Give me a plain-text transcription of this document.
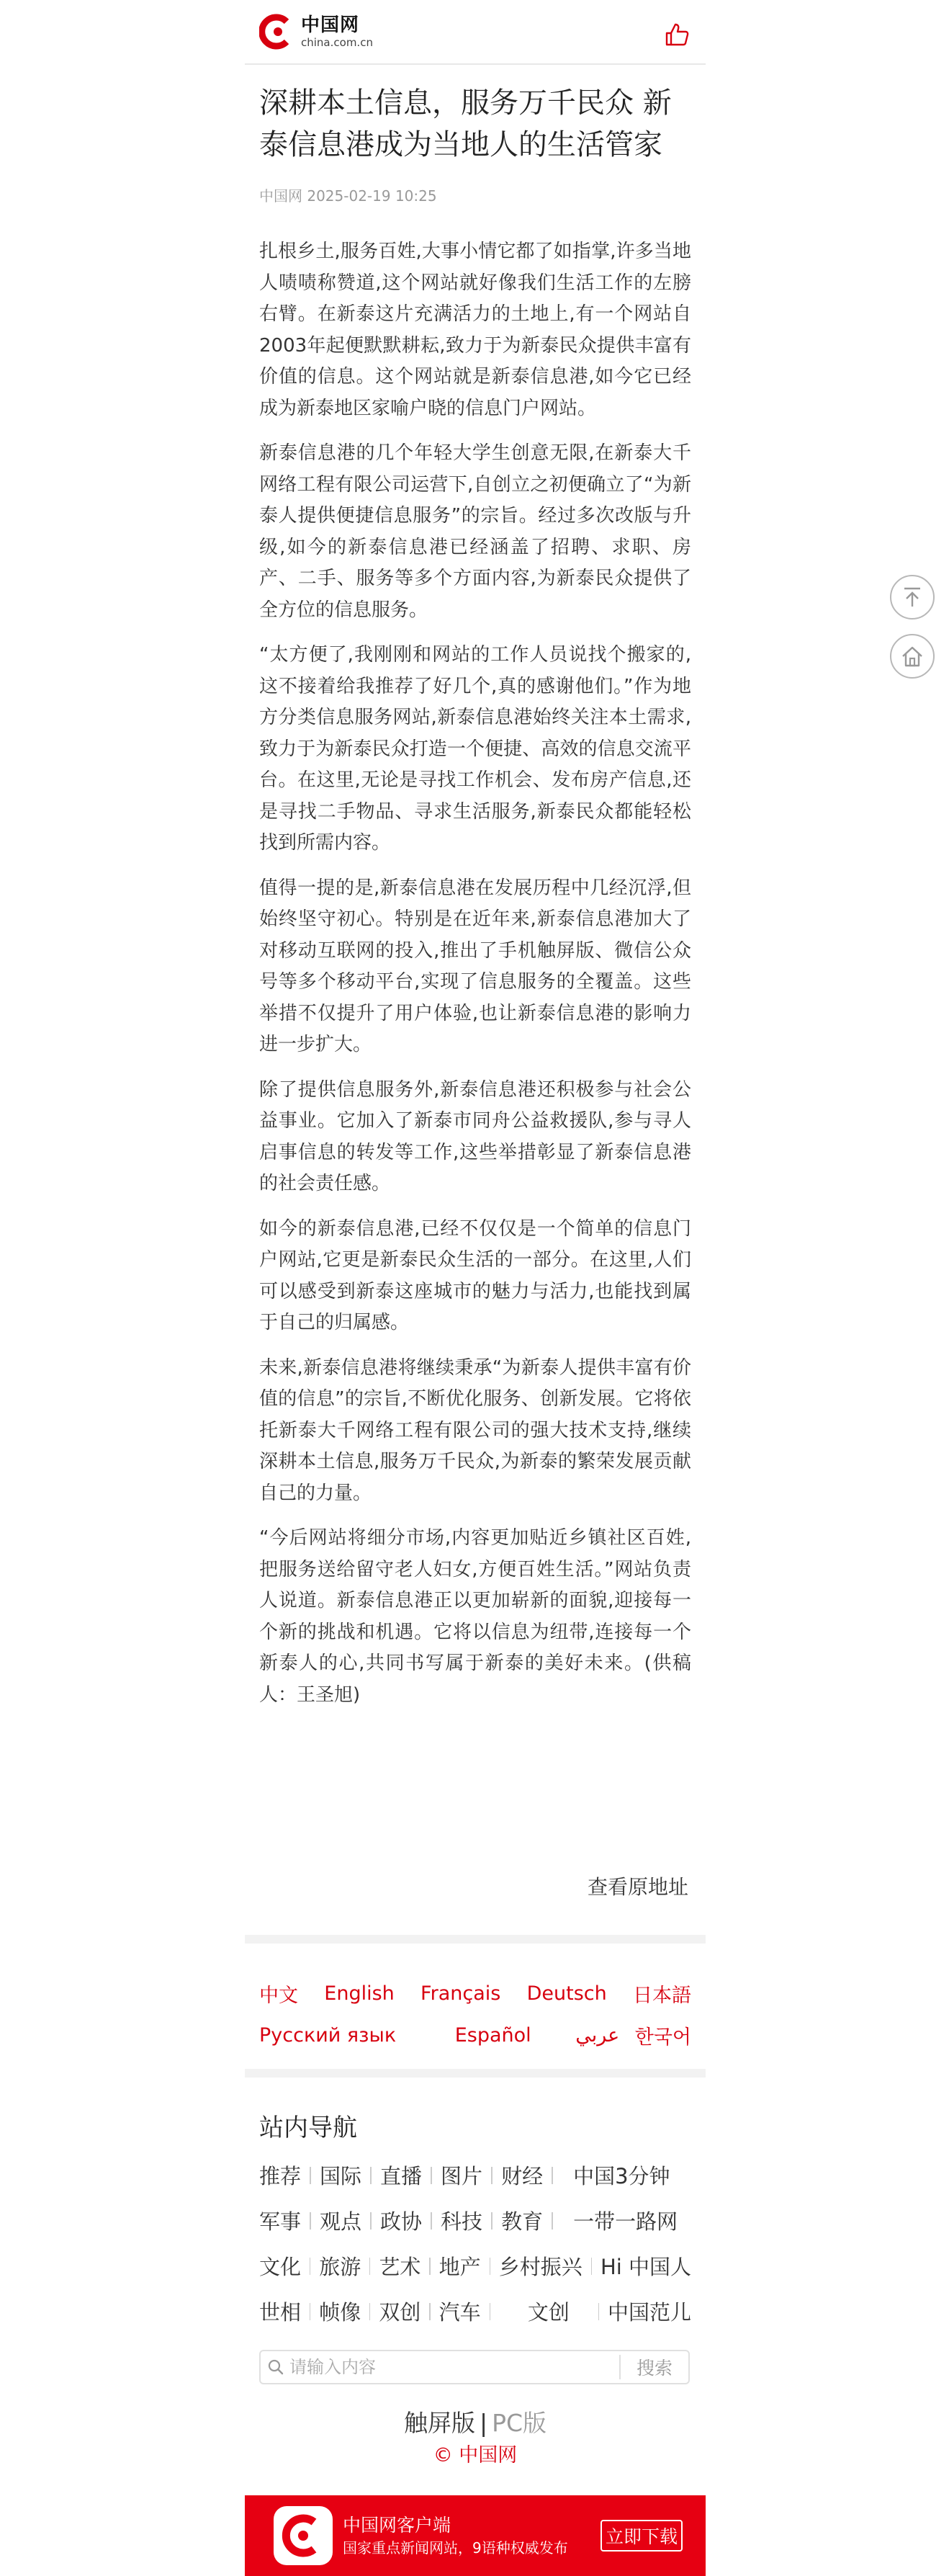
中国网
china.com.cn
深耕本土信息，服务万千民众 新泰信息港成为当地人的生活管家
中国网 2025-02-19 10:25

扎根乡土,服务百姓,大事小情它都了如指掌,许多当地人啧啧称赞道,这个网站就好像我们生活工作的左膀右臂。在新泰这片充满活力的土地上,有一个网站自2003年起便默默耕耘,致力于为新泰民众提供丰富有价值的信息。这个网站就是新泰信息港,如今它已经成为新泰地区家喻户晓的信息门户网站。

新泰信息港的几个年轻大学生创意无限,在新泰大千网络工程有限公司运营下,自创立之初便确立了“为新泰人提供便捷信息服务”的宗旨。经过多次改版与升级,如今的新泰信息港已经涵盖了招聘、求职、房产、二手、服务等多个方面内容,为新泰民众提供了全方位的信息服务。

“太方便了,我刚刚和网站的工作人员说找个搬家的,这不接着给我推荐了好几个,真的感谢他们。”作为地方分类信息服务网站,新泰信息港始终关注本土需求,致力于为新泰民众打造一个便捷、高效的信息交流平台。在这里,无论是寻找工作机会、发布房产信息,还是寻找二手物品、寻求生活服务,新泰民众都能轻松找到所需内容。

值得一提的是,新泰信息港在发展历程中几经沉浮,但始终坚守初心。特别是在近年来,新泰信息港加大了对移动互联网的投入,推出了手机触屏版、微信公众号等多个移动平台,实现了信息服务的全覆盖。这些举措不仅提升了用户体验,也让新泰信息港的影响力进一步扩大。

除了提供信息服务外,新泰信息港还积极参与社会公益事业。它加入了新泰市同舟公益救援队,参与寻人启事信息的转发等工作,这些举措彰显了新泰信息港的社会责任感。

如今的新泰信息港,已经不仅仅是一个简单的信息门户网站,它更是新泰民众生活的一部分。在这里,人们可以感受到新泰这座城市的魅力与活力,也能找到属于自己的归属感。

未来,新泰信息港将继续秉承“为新泰人提供丰富有价值的信息”的宗旨,不断优化服务、创新发展。它将依托新泰大千网络工程有限公司的强大技术支持,继续深耕本土信息,服务万千民众,为新泰的繁荣发展贡献自己的力量。

“今后网站将细分市场,内容更加贴近乡镇社区百姓,把服务送给留守老人妇女,方便百姓生活。”网站负责人说道。新泰信息港正以更加崭新的面貌,迎接每一个新的挑战和机遇。它将以信息为纽带,连接每一个新泰人的心,共同书写属于新泰的美好未来。(供稿人：王圣旭)

查看原地址
中文 English Français Deutsch 日本語
Русский язык	Español عربي 한국어
站内导航
推荐 国际 直播 图片 财经 中国3分钟
军事 观点 政协 科技 教育 一带一路网
文化 旅游 艺术 地产 乡村振兴 Hi 中国人
世相 帧像 双创 汽车 文创 中国范儿
请输入内容
搜索
触屏版 | PC版
© 中国网
中国网客户端
国家重点新闻网站，9语种权威发布
立即下载
